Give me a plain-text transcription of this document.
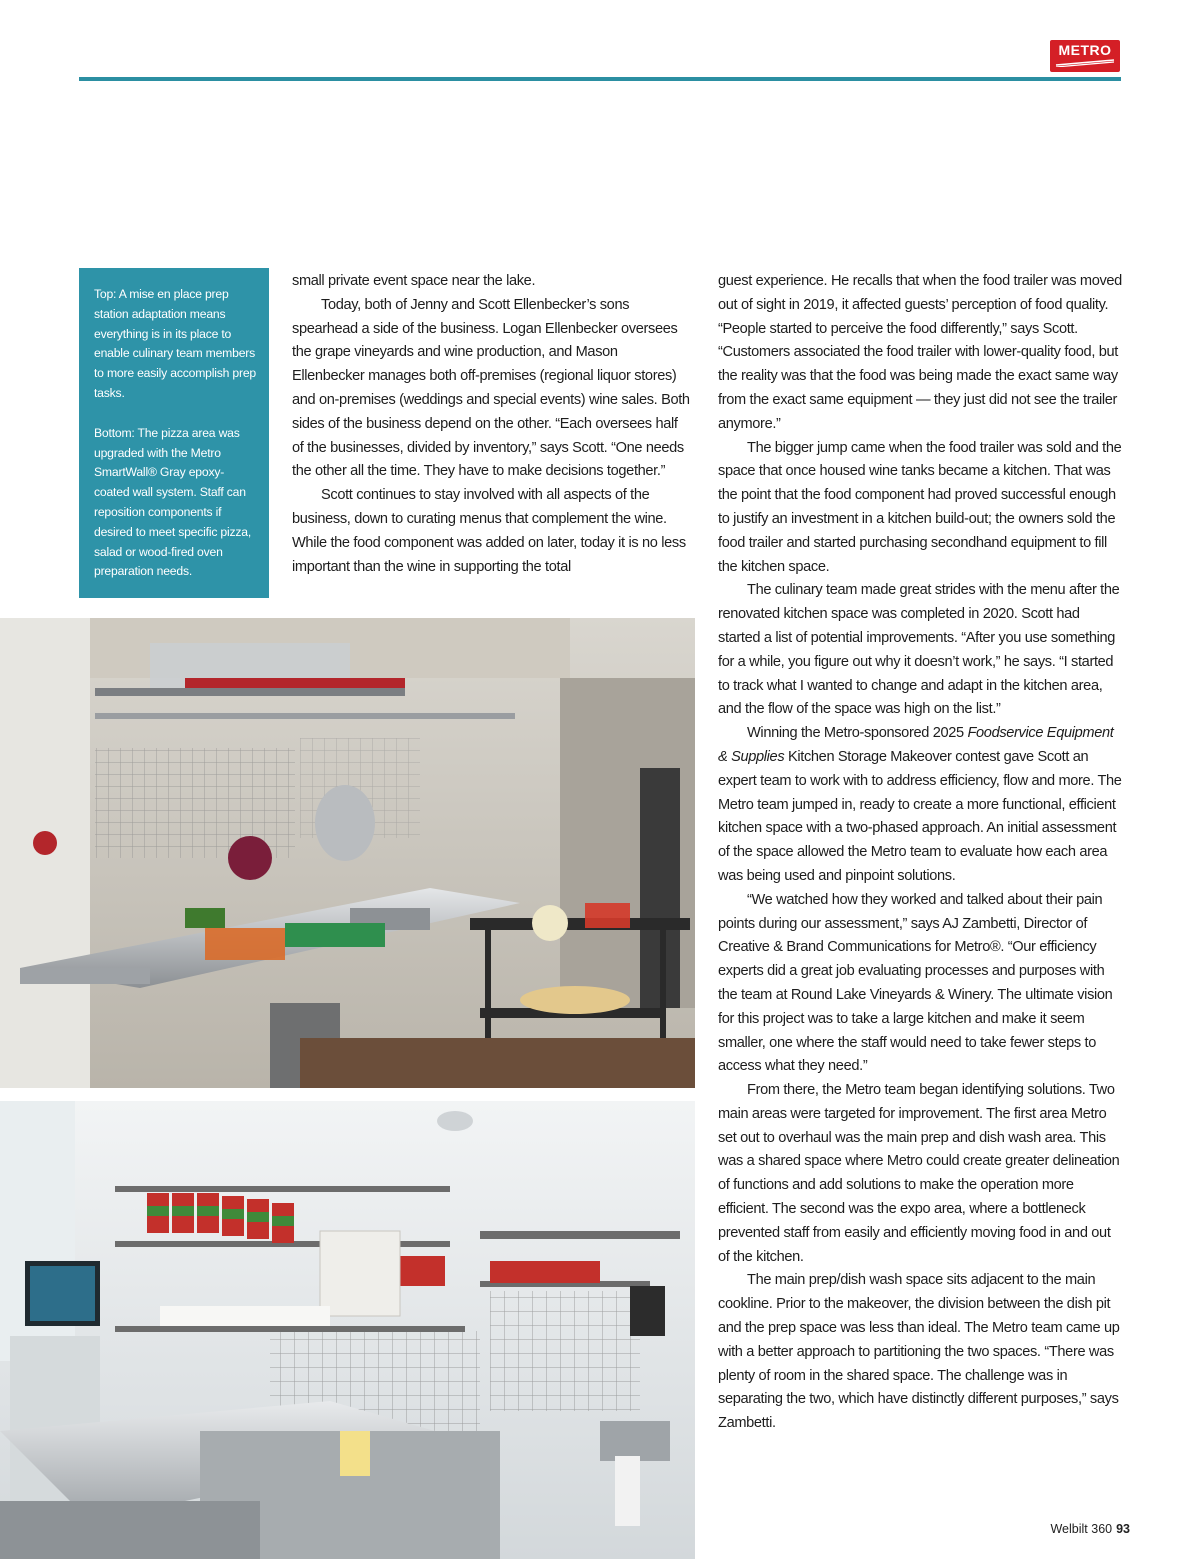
METRO

Top: A mise en place prep station adaptation means everything is in its place to enable culinary team members to more easily accomplish prep tasks.

Bottom: The pizza area was upgraded with the Metro SmartWall® Gray epoxy-coated wall system. Staff can reposition components if desired to meet specific pizza, salad or wood-fired oven preparation needs.

small private event space near the lake.

Today, both of Jenny and Scott Ellenbecker’s sons spearhead a side of the business. Logan Ellenbecker oversees the grape vineyards and wine production, and Mason Ellenbecker manages both off-premises (regional liquor stores) and on-premises (weddings and special events) wine sales. Both sides of the business depend on the other. “Each oversees half of the businesses, divided by inventory,” says Scott. “One needs the other all the time. They have to make decisions together.”

Scott continues to stay involved with all aspects of the business, down to curating menus that complement the wine. While the food component was added on later, today it is no less important than the wine in supporting the total

guest experience. He recalls that when the food trailer was moved out of sight in 2019, it affected guests’ perception of food quality. “People started to perceive the food differently,” says Scott. “Customers associated the food trailer with lower-quality food, but the reality was that the food was being made the exact same way from the exact same equipment — they just did not see the trailer anymore.”

The bigger jump came when the food trailer was sold and the space that once housed wine tanks became a kitchen. That was the point that the food component had proved successful enough to justify an investment in a kitchen build-out; the owners sold the food trailer and started purchasing secondhand equipment to fill the kitchen space.

The culinary team made great strides with the menu after the renovated kitchen space was completed in 2020. Scott had started a list of potential improvements. “After you use something for a while, you figure out why it doesn’t work,” he says. “I started to track what I wanted to change and adapt in the kitchen area, and the flow of the space was high on the list.”

Winning the Metro-sponsored 2025 Foodservice Equipment & Supplies Kitchen Storage Makeover contest gave Scott an expert team to work with to address efficiency, flow and more. The Metro team jumped in, ready to create a more functional, efficient kitchen space with a two-phased approach. An initial assessment of the space allowed the Metro team to evaluate how each area was being used and pinpoint solutions.

“We watched how they worked and talked about their pain points during our assessment,” says AJ Zambetti, Director of Creative & Brand Communications for Metro®. “Our efficiency experts did a great job evaluating processes and purposes with the team at Round Lake Vineyards & Winery. The ultimate vision for this project was to take a large kitchen and make it seem smaller, one where the staff would need to take fewer steps to access what they need.”

From there, the Metro team began identifying solutions. Two main areas were targeted for improvement. The first area Metro set out to overhaul was the main prep and dish wash area. This was a shared space where Metro could create greater delineation of functions and add solutions to make the operation more efficient. The second was the expo area, where a bottleneck prevented staff from easily and efficiently moving food in and out of the kitchen.

The main prep/dish wash space sits adjacent to the main cookline. Prior to the makeover, the division between the dish pit and the prep space was less than ideal. The Metro team came up with a better approach to partitioning the two spaces. “There was plenty of room in the shared space. The challenge was in separating the two, which have distinctly different purposes,” says Zambetti.

Welbilt 360 93
